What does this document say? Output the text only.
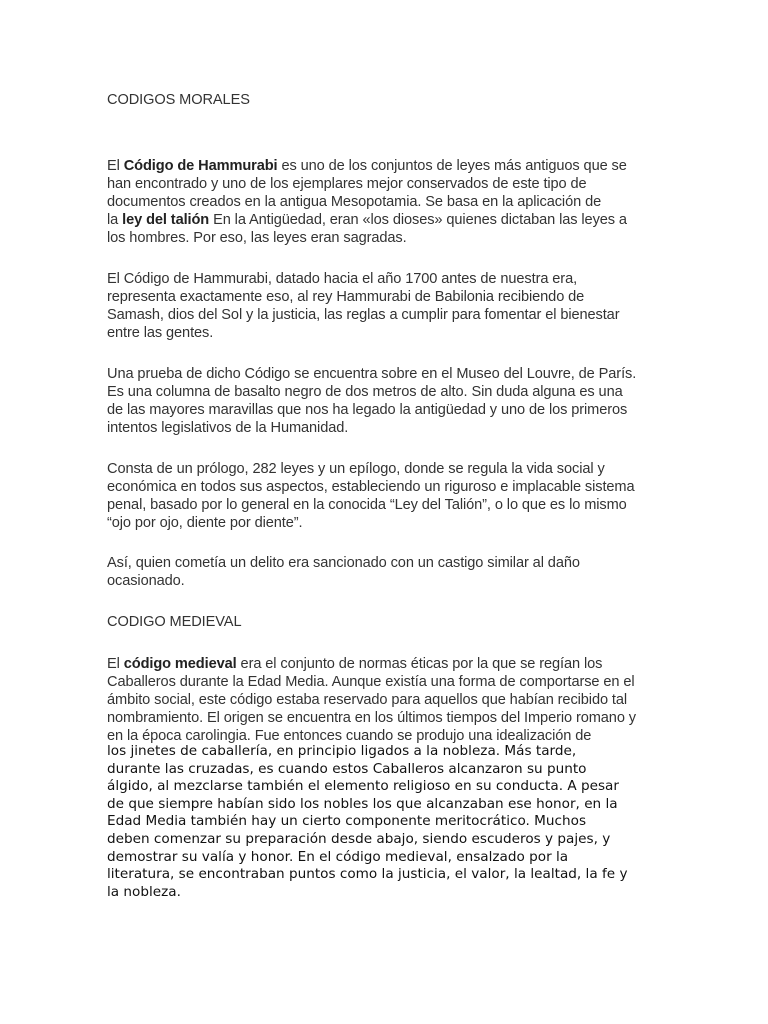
CODIGOS MORALES
El Código de Hammurabi es uno de los conjuntos de leyes más antiguos que se
han encontrado y uno de los ejemplares mejor conservados de este tipo de
documentos creados en la antigua Mesopotamia. Se basa en la aplicación de
la ley del talión En la Antigüedad, eran «los dioses» quienes dictaban las leyes a
los hombres. Por eso, las leyes eran sagradas.
El Código de Hammurabi, datado hacia el año 1700 antes de nuestra era,
representa exactamente eso, al rey Hammurabi de Babilonia recibiendo de
Samash, dios del Sol y la justicia, las reglas a cumplir para fomentar el bienestar
entre las gentes.
Una prueba de dicho Código se encuentra sobre en el Museo del Louvre, de París.
Es una columna de basalto negro de dos metros de alto. Sin duda alguna es una
de las mayores maravillas que nos ha legado la antigüedad y uno de los primeros
intentos legislativos de la Humanidad.
Consta de un prólogo, 282 leyes y un epílogo, donde se regula la vida social y
económica en todos sus aspectos, estableciendo un riguroso e implacable sistema
penal, basado por lo general en la conocida “Ley del Talión”, o lo que es lo mismo
“ojo por ojo, diente por diente”.
Así, quien cometía un delito era sancionado con un castigo similar al daño
ocasionado.
CODIGO MEDIEVAL
El código medieval era el conjunto de normas éticas por la que se regían los
Caballeros durante la Edad Media. Aunque existía una forma de comportarse en el
ámbito social, este código estaba reservado para aquellos que habían recibido tal
nombramiento. El origen se encuentra en los últimos tiempos del Imperio romano y
en la época carolingia. Fue entonces cuando se produjo una idealización de
los jinetes de caballería, en principio ligados a la nobleza. Más tarde,
durante las cruzadas, es cuando estos Caballeros alcanzaron su punto
álgido, al mezclarse también el elemento religioso en su conducta. A pesar
de que siempre habían sido los nobles los que alcanzaban ese honor, en la
Edad Media también hay un cierto componente meritocrático. Muchos
deben comenzar su preparación desde abajo, siendo escuderos y pajes, y
demostrar su valía y honor. En el código medieval, ensalzado por la
literatura, se encontraban puntos como la justicia, el valor, la lealtad, la fe y
la nobleza.
